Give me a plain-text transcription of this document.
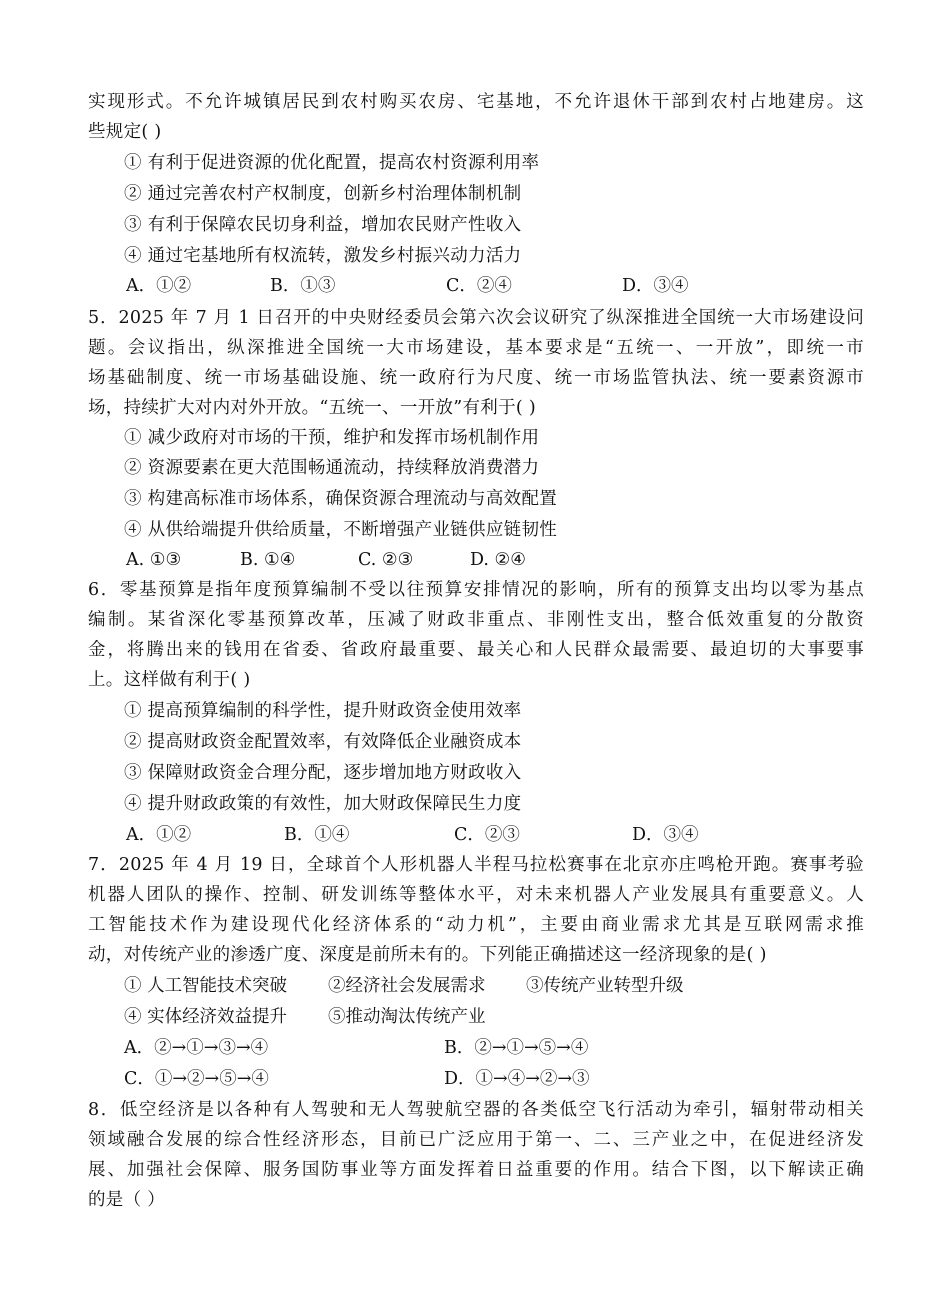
实现形式。不允许城镇居民到农村购买农房、宅基地，不允许退休干部到农村占地建房。这
些规定( )
① 有利于促进资源的优化配置，提高农村资源利用率
② 通过完善农村产权制度，创新乡村治理体制机制
③ 有利于保障农民切身利益，增加农民财产性收入
④ 通过宅基地所有权流转，激发乡村振兴动力活力
A．①②	B．①③	C．②④	D．③④
5．2025 年 7 月 1 日召开的中央财经委员会第六次会议研究了纵深推进全国统一大市场建设问
题。会议指出，纵深推进全国统一大市场建设，基本要求是“五统一、一开放”，即统一市
场基础制度、统一市场基础设施、统一政府行为尺度、统一市场监管执法、统一要素资源市
场，持续扩大对内对外开放。“五统一、一开放”有利于( )
① 减少政府对市场的干预，维护和发挥市场机制作用
② 资源要素在更大范围畅通流动，持续释放消费潜力
③ 构建高标准市场体系，确保资源合理流动与高效配置
④ 从供给端提升供给质量，不断增强产业链供应链韧性
A. ①③	B. ①④	C. ②③	D. ②④
6．零基预算是指年度预算编制不受以往预算安排情况的影响，所有的预算支出均以零为基点
编制。某省深化零基预算改革，压减了财政非重点、非刚性支出，整合低效重复的分散资
金，将腾出来的钱用在省委、省政府最重要、最关心和人民群众最需要、最迫切的大事要事
上。这样做有利于( )
① 提高预算编制的科学性，提升财政资金使用效率
② 提高财政资金配置效率，有效降低企业融资成本
③ 保障财政资金合理分配，逐步增加地方财政收入
④ 提升财政政策的有效性，加大财政保障民生力度
A．①②	B．①④	C．②③	D．③④
7．2025 年 4 月 19 日，全球首个人形机器人半程马拉松赛事在北京亦庄鸣枪开跑。赛事考验
机器人团队的操作、控制、研发训练等整体水平，对未来机器人产业发展具有重要意义。人
工智能技术作为建设现代化经济体系的“动力机”，主要由商业需求尤其是互联网需求推
动，对传统产业的渗透广度、深度是前所未有的。下列能正确描述这一经济现象的是( )
① 人工智能技术突破 ②经济社会发展需求 ③传统产业转型升级
④ 实体经济效益提升 ⑤推动淘汰传统产业
A．②→①→③→④	B．②→①→⑤→④
C．①→②→⑤→④	D．①→④→②→③
8．低空经济是以各种有人驾驶和无人驾驶航空器的各类低空飞行活动为牵引，辐射带动相关
领域融合发展的综合性经济形态，目前已广泛应用于第一、二、三产业之中，在促进经济发
展、加强社会保障、服务国防事业等方面发挥着日益重要的作用。结合下图，以下解读正确
的是（ ）
